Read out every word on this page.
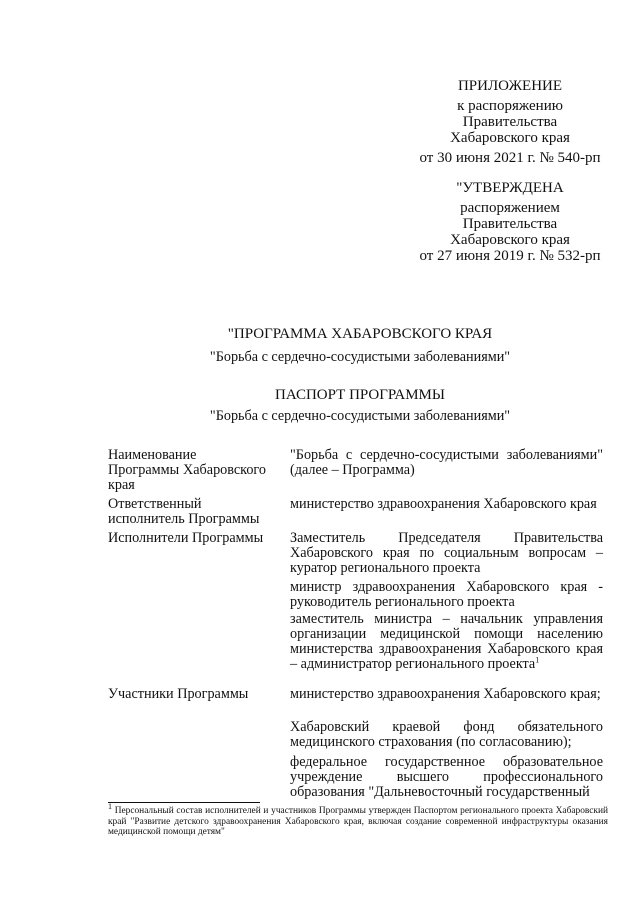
ПРИЛОЖЕНИЕ
к распоряжению
Правительства
Хабаровского края
от 30 июня 2021 г. № 540-рп
"УТВЕРЖДЕНА
распоряжением
Правительства
Хабаровского края
от 27 июня 2019 г. № 532-рп
"ПРОГРАММА ХАБАРОВСКОГО КРАЯ
"Борьба с сердечно-сосудистыми заболеваниями"
ПАСПОРТ ПРОГРАММЫ
"Борьба с сердечно-сосудистыми заболеваниями"
Наименование Программы Хабаровского края
"Борьба с сердечно-сосудистыми заболеваниями" (далее – Программа)
Ответственный исполнитель Программы
министерство здравоохранения Хабаровского края
Исполнители Программы Заместитель Председателя Правительства Хабаровского края по социальным вопросам – куратор регионального проекта
министр здравоохранения Хабаровского края - руководитель регионального проекта
заместитель министра – начальник управления организации медицинской помощи населению министерства здравоохранения Хабаровского края – администратор регионального проекта$^1$
Участники Программы	министерство здравоохранения Хабаровского края;
Хабаровский краевой фонд обязательного медицинского страхования (по согласованию);
федеральное государственное образовательное учреждение высшего профессионального образования "Дальневосточный государственный
$^1$ Персональный состав исполнителей и участников Программы утвержден Паспортом регионального проекта Хабаровский край "Развитие детского здравоохранения Хабаровского края, включая создание современной инфраструктуры оказания медицинской помощи детям"
